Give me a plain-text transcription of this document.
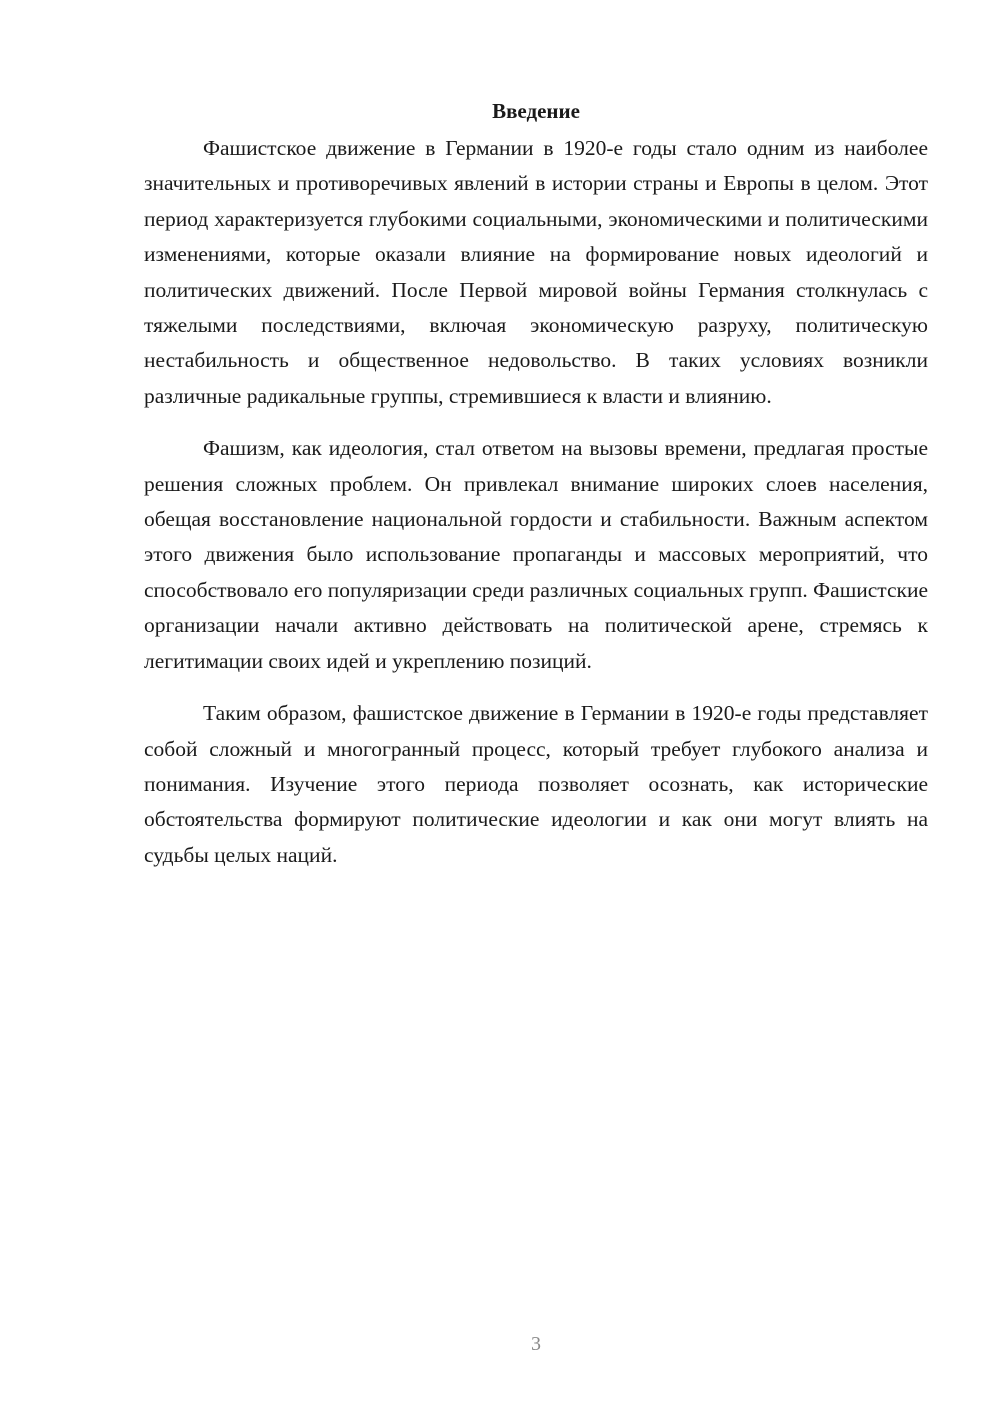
Введение

Фашистское движение в Германии в 1920-е годы стало одним из наиболее значительных и противоречивых явлений в истории страны и Европы в целом. Этот период характеризуется глубокими социальными, экономическими и политическими изменениями, которые оказали влияние на формирование новых идеологий и политических движений. После Первой мировой войны Германия столкнулась с тяжелыми последствиями, включая экономическую разруху, политическую нестабильность и общественное недовольство. В таких условиях возникли различные радикальные группы, стремившиеся к власти и влиянию.

Фашизм, как идеология, стал ответом на вызовы времени, предлагая простые решения сложных проблем. Он привлекал внимание широких слоев населения, обещая восстановление национальной гордости и стабильности. Важным аспектом этого движения было использование пропаганды и массовых мероприятий, что способствовало его популяризации среди различных социальных групп. Фашистские организации начали активно действовать на политической арене, стремясь к легитимации своих идей и укреплению позиций.

Таким образом, фашистское движение в Германии в 1920-е годы представляет собой сложный и многогранный процесс, который требует глубокого анализа и понимания. Изучение этого периода позволяет осознать, как исторические обстоятельства формируют политические идеологии и как они могут влиять на судьбы целых наций.

3
